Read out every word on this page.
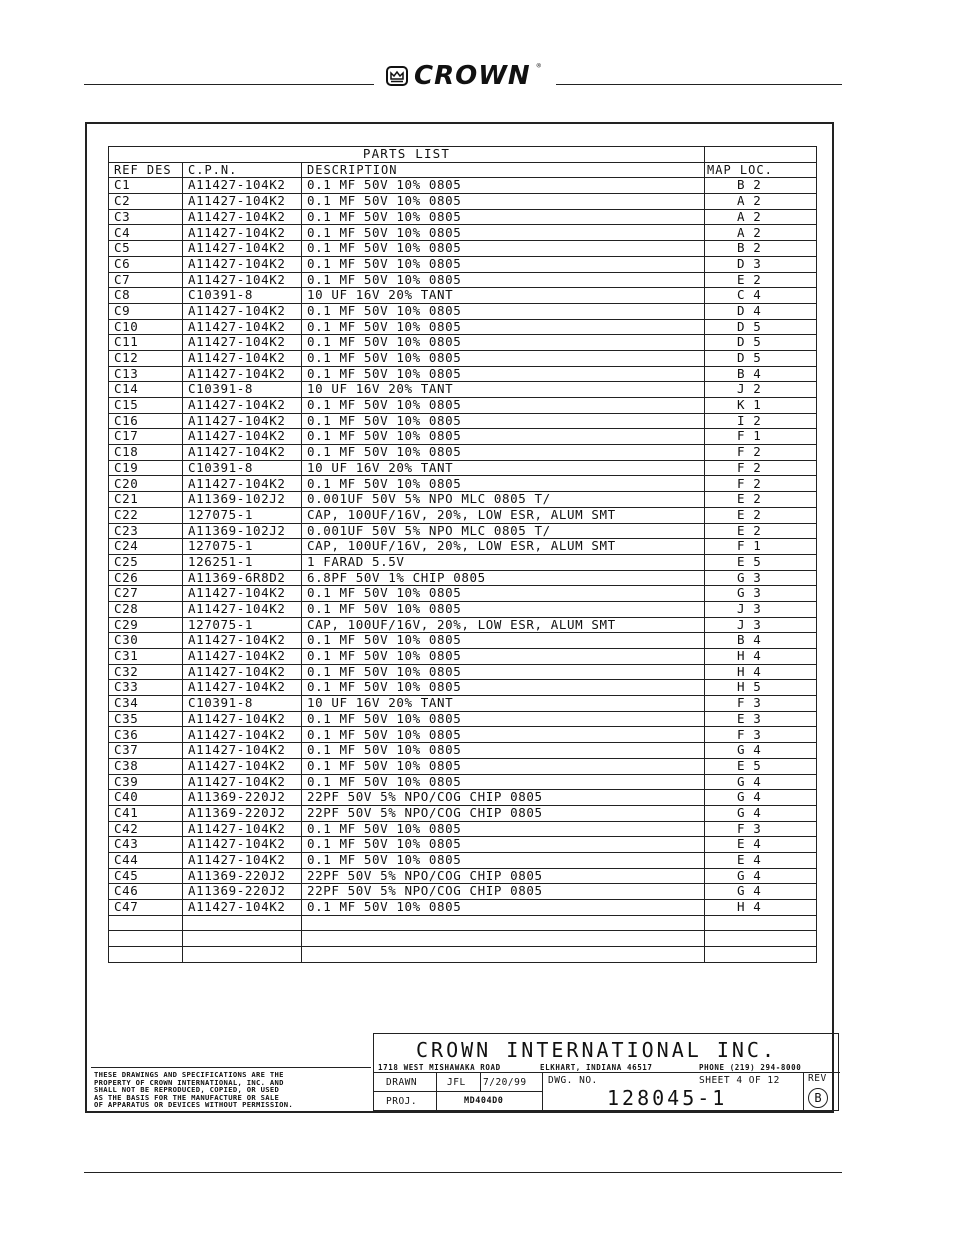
CROWN ®
PARTS LIST			
REF DES	C.P.N.	DESCRIPTION	MAP LOC.
C1	A11427-104K2	0.1 MF 50V 10% 0805	B 2
C2	A11427-104K2	0.1 MF 50V 10% 0805	A 2
C3	A11427-104K2	0.1 MF 50V 10% 0805	A 2
C4	A11427-104K2	0.1 MF 50V 10% 0805	A 2
C5	A11427-104K2	0.1 MF 50V 10% 0805	B 2
C6	A11427-104K2	0.1 MF 50V 10% 0805	D 3
C7	A11427-104K2	0.1 MF 50V 10% 0805	E 2
C8	C10391-8	10 UF 16V 20% TANT	C 4
C9	A11427-104K2	0.1 MF 50V 10% 0805	D 4
C10	A11427-104K2	0.1 MF 50V 10% 0805	D 5
C11	A11427-104K2	0.1 MF 50V 10% 0805	D 5
C12	A11427-104K2	0.1 MF 50V 10% 0805	D 5
C13	A11427-104K2	0.1 MF 50V 10% 0805	B 4
C14	C10391-8	10 UF 16V 20% TANT	J 2
C15	A11427-104K2	0.1 MF 50V 10% 0805	K 1
C16	A11427-104K2	0.1 MF 50V 10% 0805	I 2
C17	A11427-104K2	0.1 MF 50V 10% 0805	F 1
C18	A11427-104K2	0.1 MF 50V 10% 0805	F 2
C19	C10391-8	10 UF 16V 20% TANT	F 2
C20	A11427-104K2	0.1 MF 50V 10% 0805	F 2
C21	A11369-102J2	0.001UF 50V 5% NPO MLC 0805 T/	E 2
C22	127075-1	CAP, 100UF/16V, 20%, LOW ESR, ALUM SMT	E 2
C23	A11369-102J2	0.001UF 50V 5% NPO MLC 0805 T/	E 2
C24	127075-1	CAP, 100UF/16V, 20%, LOW ESR, ALUM SMT	F 1
C25	126251-1	1 FARAD 5.5V	E 5
C26	A11369-6R8D2	6.8PF 50V 1% CHIP 0805	G 3
C27	A11427-104K2	0.1 MF 50V 10% 0805	G 3
C28	A11427-104K2	0.1 MF 50V 10% 0805	J 3
C29	127075-1	CAP, 100UF/16V, 20%, LOW ESR, ALUM SMT	J 3
C30	A11427-104K2	0.1 MF 50V 10% 0805	B 4
C31	A11427-104K2	0.1 MF 50V 10% 0805	H 4
C32	A11427-104K2	0.1 MF 50V 10% 0805	H 4
C33	A11427-104K2	0.1 MF 50V 10% 0805	H 5
C34	C10391-8	10 UF 16V 20% TANT	F 3
C35	A11427-104K2	0.1 MF 50V 10% 0805	E 3
C36	A11427-104K2	0.1 MF 50V 10% 0805	F 3
C37	A11427-104K2	0.1 MF 50V 10% 0805	G 4
C38	A11427-104K2	0.1 MF 50V 10% 0805	E 5
C39	A11427-104K2	0.1 MF 50V 10% 0805	G 4
C40	A11369-220J2	22PF 50V 5% NPO/COG CHIP 0805	G 4
C41	A11369-220J2	22PF 50V 5% NPO/COG CHIP 0805	G 4
C42	A11427-104K2	0.1 MF 50V 10% 0805	F 3
C43	A11427-104K2	0.1 MF 50V 10% 0805	E 4
C44	A11427-104K2	0.1 MF 50V 10% 0805	E 4
C45	A11369-220J2	22PF 50V 5% NPO/COG CHIP 0805	G 4
C46	A11369-220J2	22PF 50V 5% NPO/COG CHIP 0805	G 4
C47	A11427-104K2	0.1 MF 50V 10% 0805	H 4

THESE DRAWINGS AND SPECIFICATIONS ARE THE
PROPERTY OF CROWN INTERNATIONAL, INC. AND
SHALL NOT BE REPRODUCED, COPIED, OR USED
AS THE BASIS FOR THE MANUFACTURE OR SALE
OF APPARATUS OR DEVICES WITHOUT PERMISSION.
CROWN INTERNATIONAL INC.
1718 WEST MISHAWAKA ROAD	ELKHART, INDIANA 46517	PHONE (219) 294-8000
DRAWN	JFL 7/20/99 DWG. NO.	SHEET 4 OF 12	REV
B
PROJ.	MD404D0	128045-1
